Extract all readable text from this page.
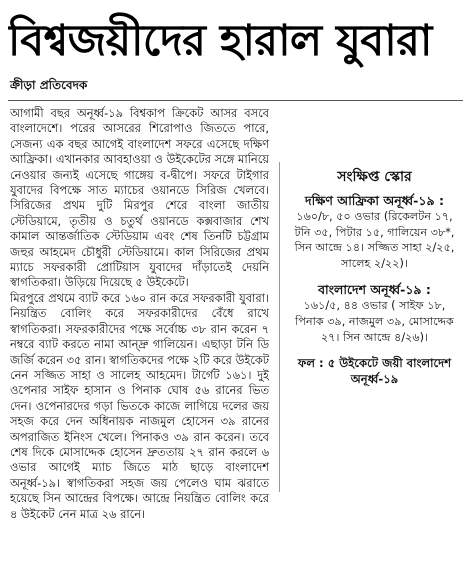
বিশ্বজয়ীদের হারাল যুবারা
ক্রীড়া প্রতিবেদক
সংক্ষিপ্ত স্কোর
দক্ষিণ আফ্রিকা অনূর্ধ্ব-১৯ :
১৬০/৮, ৫০ ওভার (রিকেলটন ১৭, টনি ৩৫, পিটার ১৫, গালিয়েন ৩৮*, সিন আন্দ্রে ১৪। সজ্জিত সাহা ২/২৫, সালেহ ২/২২)।
বাংলাদেশ অনূর্ধ্ব-১৯ :
১৬১/৫, ৪৪ ওভার ( সাইফ ১৮, পিনাক ৩৯, নাজমুল ৩৯, মোসাদ্দেক ২৭। সিন আন্দ্রে ৪/২৬)।
ফল : ৫ উইকেটে জয়ী বাংলাদেশ অনূর্ধ্ব-১৯

আগামী বছর অনূর্ধ্ব-১৯ বিশ্বকাপ ক্রিকেট আসর বসবে বাংলাদেশে। পরের আসরের শিরোপাও জিততে পারে, সেজন্য এক বছর আগেই বাংলাদেশ সফরে এসেছে দক্ষিণ আফ্রিকা। এখানকার আবহাওয়া ও উইকেটের সঙ্গে মানিয়ে নেওয়ার জন্যই এসেছে গাঙ্গেয় ব-দ্বীপে। সফরে টাইগার যুবাদের বিপক্ষে সাত ম্যাচের ওয়ানডে সিরিজ খেলবে। সিরিজের প্রথম দুটি মিরপুর শেরে বাংলা জাতীয় স্টেডিয়ামে, তৃতীয় ও চতুর্থ ওয়ানডে কক্সবাজার শেখ কামাল আন্তর্জাতিক স্টেডিয়াম এবং শেষ তিনটি চট্টগ্রাম জহুর আহমেদ চৌধুরী স্টেডিয়ামে। কাল সিরিজের প্রথম ম্যাচে সফরকারী প্রোটিয়াস যুবাদের দাঁড়াতেই দেয়নি স্বাগতিকরা। উড়িয়ে দিয়েছে ৫ উইকেটে।

মিরপুরে প্রথমে ব্যাট করে ১৬০ রান করে সফরকারী যুবারা। নিয়ন্ত্রিত বোলিং করে সফরকারীদের বেঁধে রাখে স্বাগতিকরা। সফরকারীদের পক্ষে সর্বোচ্চ ৩৮ রান করেন ৭ নম্বরে ব্যাট করতে নামা আন্দ্রু গালিয়েন। এছাড়া টনি ডি জর্জি করেন ৩৫ রান। স্বাগতিকদের পক্ষে ২টি করে উইকেট নেন সজ্জিত সাহা ও সালেহ আহমেদ। টার্গেট ১৬১। দুই ওপেনার সাইফ হাসান ও পিনাক ঘোষ ৫৬ রানের ভিত দেন। ওপেনারদের গড়া ভিতকে কাজে লাগিয়ে দলের জয় সহজ করে দেন অধিনায়ক নাজমুল হোসেন ৩৯ রানের অপরাজিত ইনিংস খেলে। পিনাকও ৩৯ রান করেন। তবে শেষ দিকে মোসাদ্দেক হোসেন দ্রুততায় ২৭ রান করলে ৬ ওভার আগেই ম্যাচ জিতে মাঠ ছাড়ে বাংলাদেশ অনূর্ধ্ব-১৯। স্বাগতিকরা সহজ জয় পেলেও ঘাম ঝরাতে হয়েছে সিন আন্দ্রের বিপক্ষে। আন্দ্রে নিয়ন্ত্রিত বোলিং করে ৪ উইকেট নেন মাত্র ২৬ রানে।
